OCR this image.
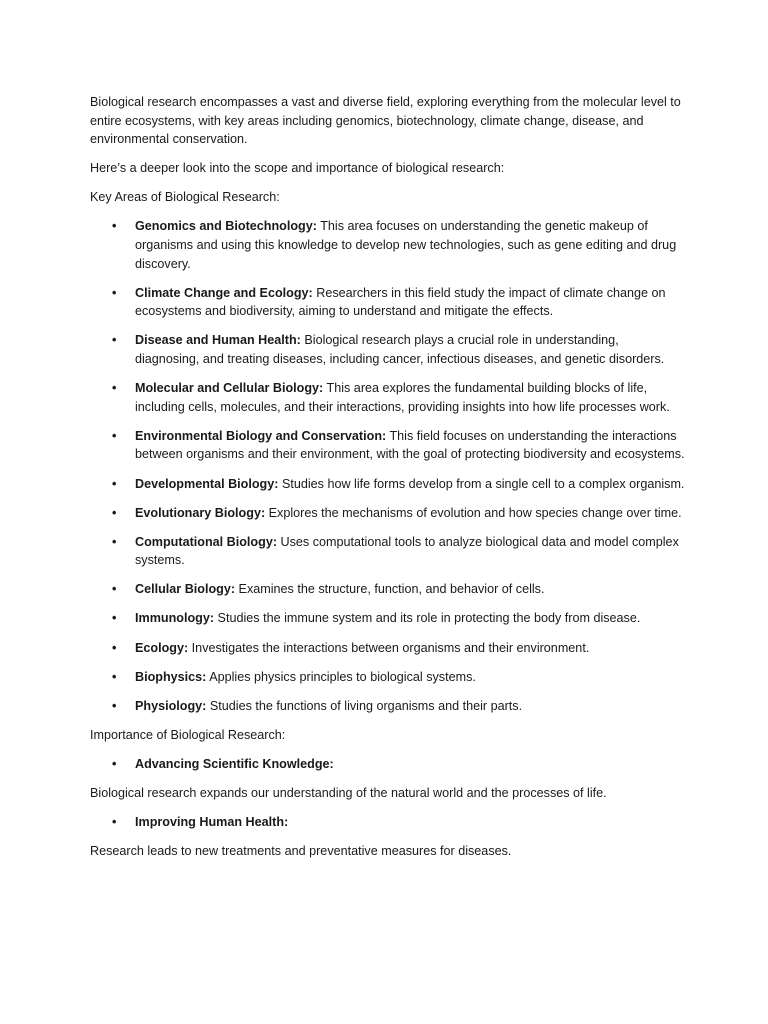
Biological research encompasses a vast and diverse field, exploring everything from the molecular level to entire ecosystems, with key areas including genomics, biotechnology, climate change, disease, and environmental conservation.

Here’s a deeper look into the scope and importance of biological research:

Key Areas of Biological Research:

• Genomics and Biotechnology: This area focuses on understanding the genetic makeup of organisms and using this knowledge to develop new technologies, such as gene editing and drug discovery.
• Climate Change and Ecology: Researchers in this field study the impact of climate change on ecosystems and biodiversity, aiming to understand and mitigate the effects.
• Disease and Human Health: Biological research plays a crucial role in understanding, diagnosing, and treating diseases, including cancer, infectious diseases, and genetic disorders.
• Molecular and Cellular Biology: This area explores the fundamental building blocks of life, including cells, molecules, and their interactions, providing insights into how life processes work.
• Environmental Biology and Conservation: This field focuses on understanding the interactions between organisms and their environment, with the goal of protecting biodiversity and ecosystems.
• Developmental Biology: Studies how life forms develop from a single cell to a complex organism.
• Evolutionary Biology: Explores the mechanisms of evolution and how species change over time.
• Computational Biology: Uses computational tools to analyze biological data and model complex systems.
• Cellular Biology: Examines the structure, function, and behavior of cells.
• Immunology: Studies the immune system and its role in protecting the body from disease.
• Ecology: Investigates the interactions between organisms and their environment.
• Biophysics: Applies physics principles to biological systems.
• Physiology: Studies the functions of living organisms and their parts.

Importance of Biological Research:

• Advancing Scientific Knowledge:

Biological research expands our understanding of the natural world and the processes of life.

• Improving Human Health:

Research leads to new treatments and preventative measures for diseases.
